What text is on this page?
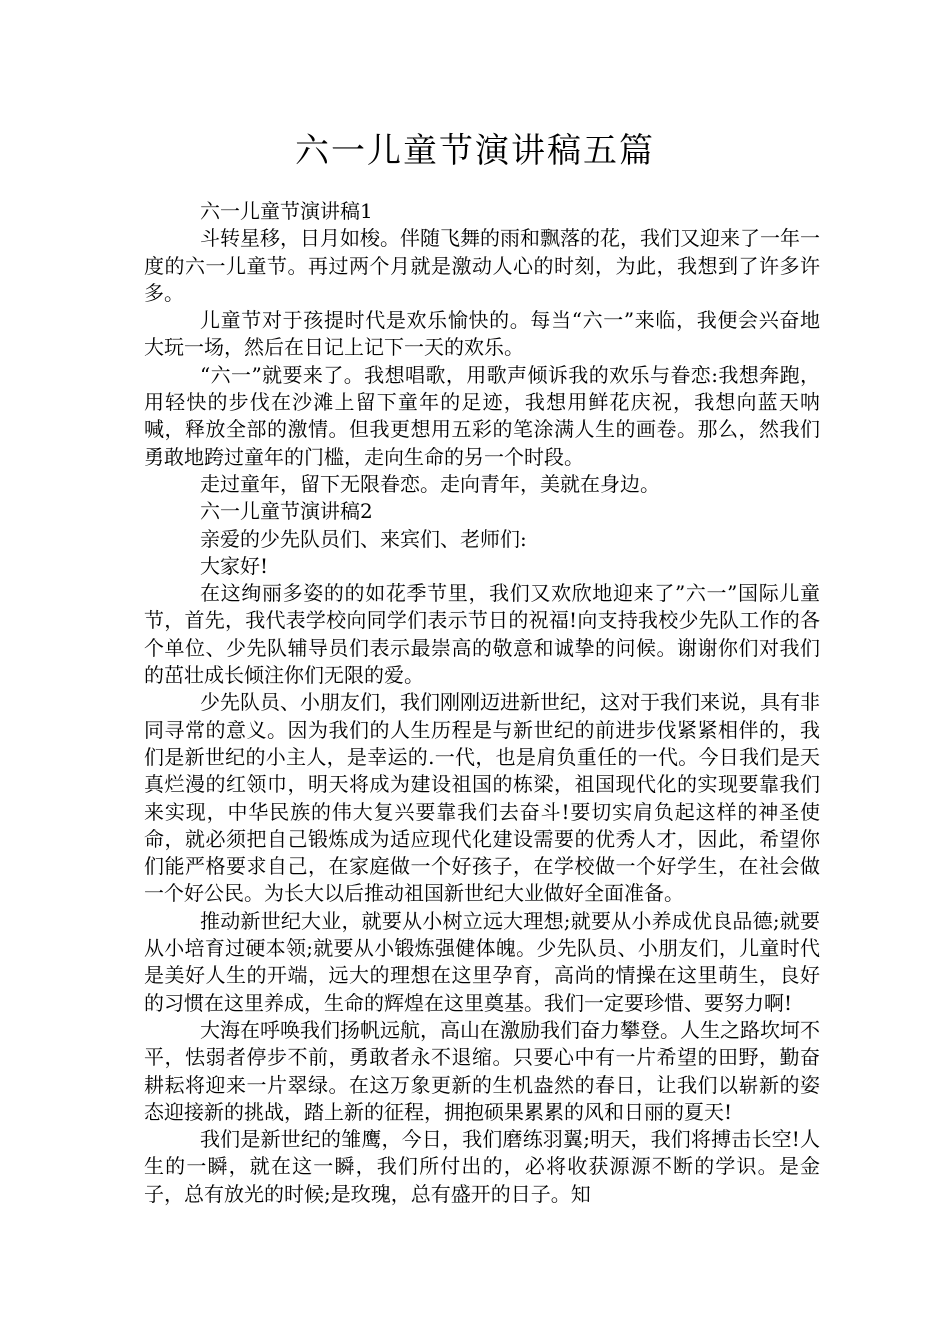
六一儿童节演讲稿五篇

六一儿童节演讲稿1

斗转星移，日月如梭。伴随飞舞的雨和飘落的花，我们又迎来了一年一度的六一儿童节。再过两个月就是激动人心的时刻，为此，我想到了许多许多。

儿童节对于孩提时代是欢乐愉快的。每当“六一”来临，我便会兴奋地大玩一场，然后在日记上记下一天的欢乐。

“六一”就要来了。我想唱歌，用歌声倾诉我的欢乐与眷恋:我想奔跑，用轻快的步伐在沙滩上留下童年的足迹，我想用鲜花庆祝，我想向蓝天呐喊，释放全部的激情。但我更想用五彩的笔涂满人生的画卷。那么，然我们勇敢地跨过童年的门槛，走向生命的另一个时段。

走过童年，留下无限眷恋。走向青年，美就在身边。

六一儿童节演讲稿2

亲爱的少先队员们、来宾们、老师们:

大家好!

在这绚丽多姿的的如花季节里，我们又欢欣地迎来了”六一”国际儿童节，首先，我代表学校向同学们表示节日的祝福!向支持我校少先队工作的各个单位、少先队辅导员们表示最崇高的敬意和诚挚的问候。谢谢你们对我们的茁壮成长倾注你们无限的爱。

少先队员、小朋友们，我们刚刚迈进新世纪，这对于我们来说，具有非同寻常的意义。因为我们的人生历程是与新世纪的前进步伐紧紧相伴的，我们是新世纪的小主人，是幸运的.一代，也是肩负重任的一代。今日我们是天真烂漫的红领巾，明天将成为建设祖国的栋梁，祖国现代化的实现要靠我们来实现，中华民族的伟大复兴要靠我们去奋斗!要切实肩负起这样的神圣使命，就必须把自己锻炼成为适应现代化建设需要的优秀人才，因此，希望你们能严格要求自己，在家庭做一个好孩子，在学校做一个好学生，在社会做一个好公民。为长大以后推动祖国新世纪大业做好全面准备。

推动新世纪大业，就要从小树立远大理想;就要从小养成优良品德;就要从小培育过硬本领;就要从小锻炼强健体魄。少先队员、小朋友们，儿童时代是美好人生的开端，远大的理想在这里孕育，高尚的情操在这里萌生，良好的习惯在这里养成，生命的辉煌在这里奠基。我们一定要珍惜、要努力啊!

大海在呼唤我们扬帆远航，高山在激励我们奋力攀登。人生之路坎坷不平，怯弱者停步不前，勇敢者永不退缩。只要心中有一片希望的田野，勤奋耕耘将迎来一片翠绿。在这万象更新的生机盎然的春日，让我们以崭新的姿态迎接新的挑战，踏上新的征程，拥抱硕果累累的风和日丽的夏天!

我们是新世纪的雏鹰，今日，我们磨练羽翼;明天，我们将搏击长空!人生的一瞬，就在这一瞬，我们所付出的，必将收获源源不断的学识。是金子，总有放光的时候;是玫瑰，总有盛开的日子。知
